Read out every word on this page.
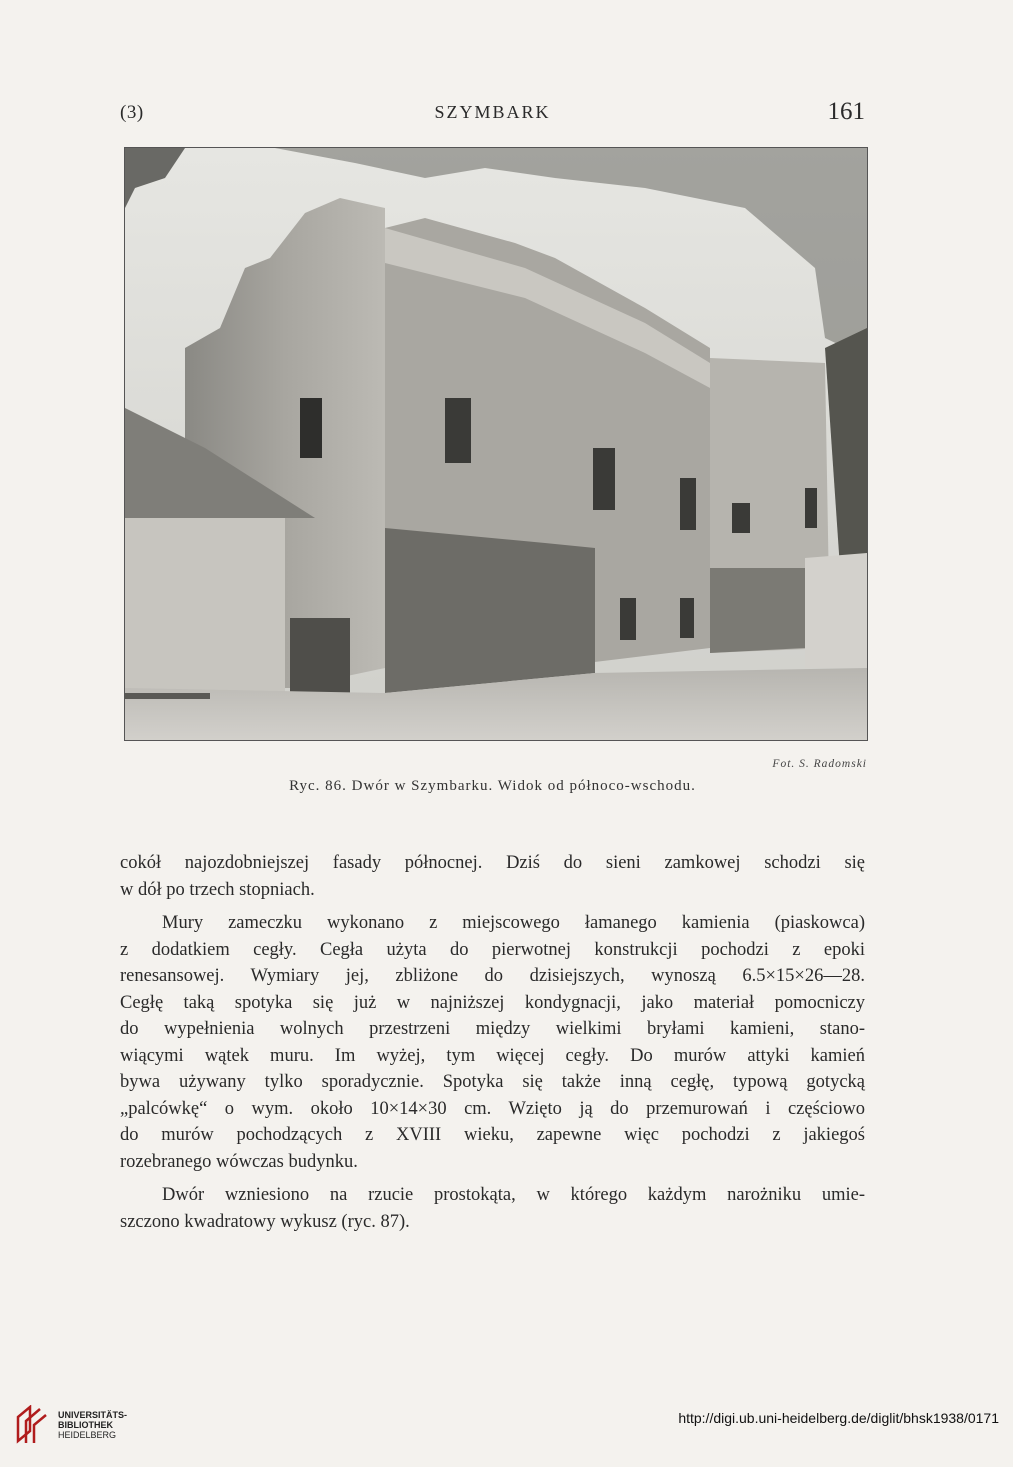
(3)	SZYMBARK	161
Fot. S. Radomski
Ryc. 86. Dwór w Szymbarku. Widok od północo-wschodu.
cokół najozdobniejszej fasady północnej. Dziś do sieni zamkowej schodzi się
w dół po trzech stopniach.
Mury zameczku wykonano z miejscowego łamanego kamienia (piaskowca)
z dodatkiem cegły. Cegła użyta do pierwotnej konstrukcji pochodzi z epoki
renesansowej. Wymiary jej, zbliżone do dzisiejszych, wynoszą 6.5×15×26—28.
Cegłę taką spotyka się już w najniższej kondygnacji, jako materiał pomocniczy
do wypełnienia wolnych przestrzeni między wielkimi bryłami kamieni, stano-
wiącymi wątek muru. Im wyżej, tym więcej cegły. Do murów attyki kamień
bywa używany tylko sporadycznie. Spotyka się także inną cegłę, typową gotycką
„palcówkę“ o wym. około 10×14×30 cm. Wzięto ją do przemurowań i częściowo
do murów pochodzących z XVIII wieku, zapewne więc pochodzi z jakiegoś
rozebranego wówczas budynku.
Dwór wzniesiono na rzucie prostokąta, w którego każdym narożniku umie-
szczono kwadratowy wykusz (ryc. 87).
UNIVERSITÄTS-
BIBLIOTHEK
HEIDELBERG
http://digi.ub.uni-heidelberg.de/diglit/bhsk1938/0171
